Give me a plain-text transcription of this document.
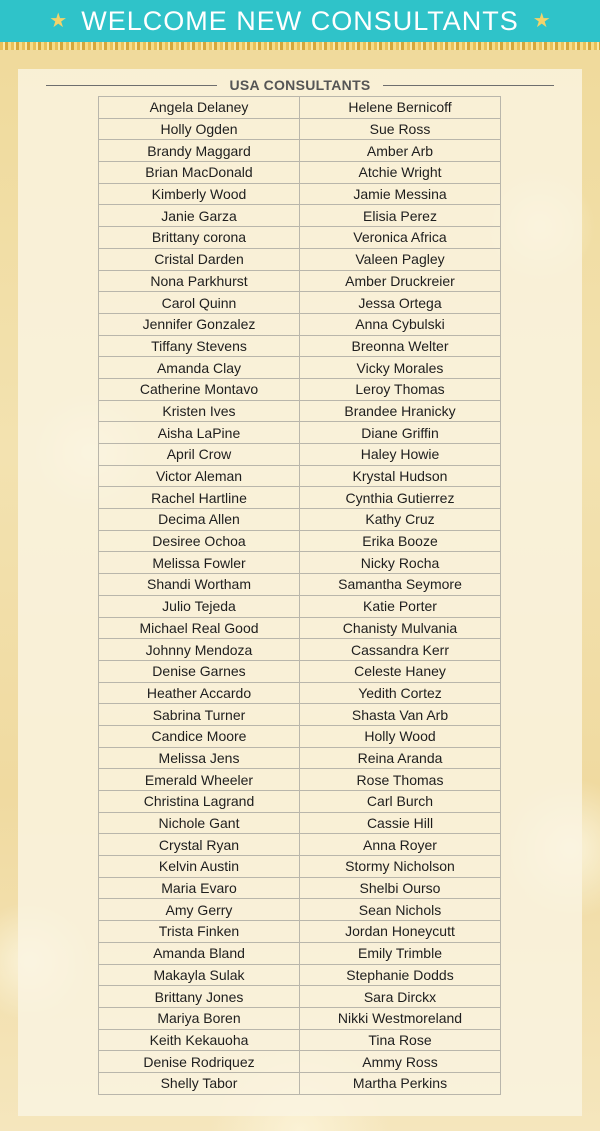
★ WELCOME NEW CONSULTANTS ★
USA CONSULTANTS
Angela Delaney	Helene Bernicoff
Holly Ogden	Sue Ross
Brandy Maggard	Amber Arb
Brian MacDonald	Atchie Wright
Kimberly Wood	Jamie Messina
Janie Garza	Elisia Perez
Brittany corona	Veronica Africa
Cristal Darden	Valeen Pagley
Nona Parkhurst	Amber Druckreier
Carol Quinn	Jessa Ortega
Jennifer Gonzalez	Anna Cybulski
Tiffany Stevens	Breonna Welter
Amanda Clay	Vicky Morales
Catherine Montavo	Leroy Thomas
Kristen Ives	Brandee Hranicky
Aisha LaPine	Diane Griffin
April Crow	Haley Howie
Victor Aleman	Krystal Hudson
Rachel Hartline	Cynthia Gutierrez
Decima Allen	Kathy Cruz
Desiree Ochoa	Erika Booze
Melissa Fowler	Nicky Rocha
Shandi Wortham	Samantha Seymore
Julio Tejeda	Katie Porter
Michael Real Good	Chanisty Mulvania
Johnny Mendoza	Cassandra Kerr
Denise Garnes	Celeste Haney
Heather Accardo	Yedith Cortez
Sabrina Turner	Shasta Van Arb
Candice Moore	Holly Wood
Melissa Jens	Reina Aranda
Emerald Wheeler	Rose Thomas
Christina Lagrand	Carl Burch
Nichole Gant	Cassie Hill
Crystal Ryan	Anna Royer
Kelvin Austin	Stormy Nicholson
Maria Evaro	Shelbi Ourso
Amy Gerry	Sean Nichols
Trista Finken	Jordan Honeycutt
Amanda Bland	Emily Trimble
Makayla Sulak	Stephanie Dodds
Brittany Jones	Sara Dirckx
Mariya Boren	Nikki Westmoreland
Keith Kekauoha	Tina Rose
Denise Rodriquez	Ammy Ross
Shelly Tabor	Martha Perkins
